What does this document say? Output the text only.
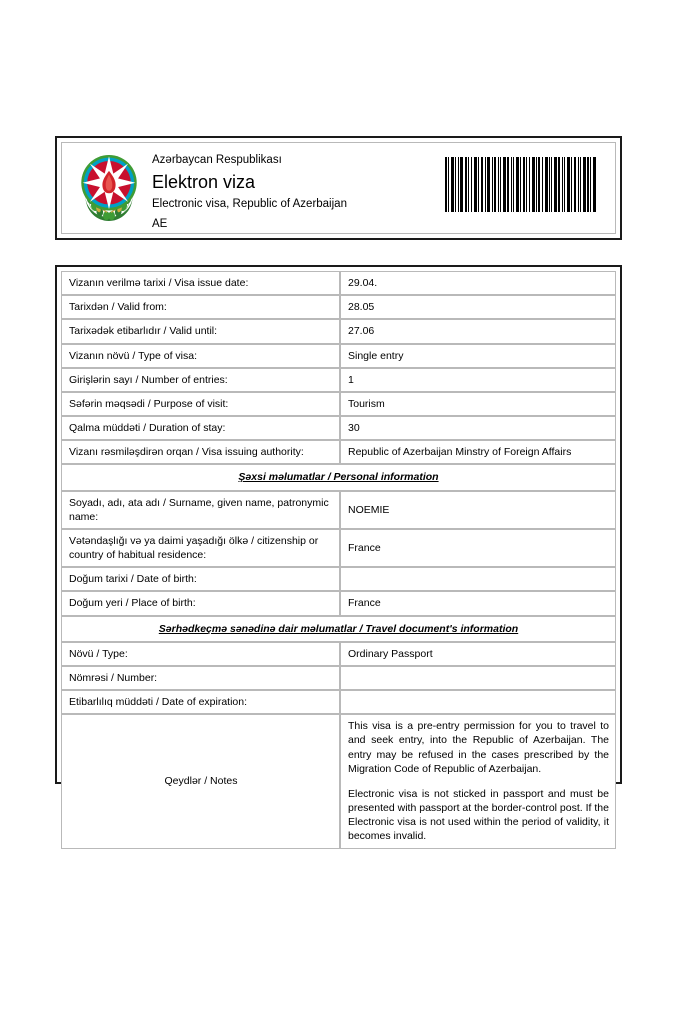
Azərbaycan Respublikası
Elektron viza
Electronic visa, Republic of Azerbaijan
AE
Vizanın verilmə tarixi / Visa issue date:	29.04.
Tarixdən / Valid from:	28.05
Tarixədək etibarlıdır / Valid until:	27.06
Vizanın növü / Type of visa:	Single entry
Girişlərin sayı / Number of entries:	1
Səfərin məqsədi / Purpose of visit:	Tourism
Qalma müddəti / Duration of stay:	30
Vizanı rəsmiləşdirən orqan / Visa issuing authority:	Republic of Azerbaijan Minstry of Foreign Affairs
Şəxsi məlumatlar / Personal information	
Soyadı, adı, ata adı / Surname, given name, patronymic name:	NOEMIE
Vətəndaşlığı və ya daimi yaşadığı ölkə / citizenship or country of habitual residence:	France
Doğum tarixi / Date of birth:	
Doğum yeri / Place of birth:	France
Sərhədkeçmə sənədinə dair məlumatlar / Travel document's information	
Növü / Type:	Ordinary Passport
Nömrəsi / Number:	
Etibarlılıq müddəti / Date of expiration:	
Qeydlər / Notes	This visa is a pre-entry permission for you to travel to and seek entry, into the Republic of Azerbaijan. The entry may be refused in the cases prescribed by the Migration Code of Republic of Azerbaijan.

Electronic visa is not sticked in passport and must be presented with passport at the border-control post. If the Electronic visa is not used within the period of validity, it becomes invalid.
